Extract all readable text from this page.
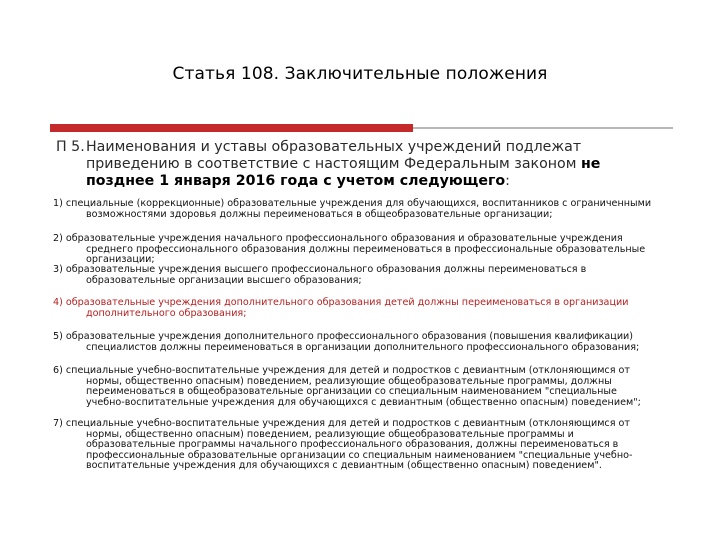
Статья 108. Заключительные положения
П 5.Наименования и уставы образовательных учреждений подлежат
приведению в соответствие с настоящим Федеральным законом не
позднее 1 января 2016 года с учетом следующего:
1) специальные (коррекционные) образовательные учреждения для обучающихся, воспитанников с ограниченными
возможностями здоровья должны переименоваться в общеобразовательные организации;
2) образовательные учреждения начального профессионального образования и образовательные учреждения
среднего профессионального образования должны переименоваться в профессиональные образовательные
организации;
3) образовательные учреждения высшего профессионального образования должны переименоваться в
образовательные организации высшего образования;
4) образовательные учреждения дополнительного образования детей должны переименоваться в организации
дополнительного образования;
5) образовательные учреждения дополнительного профессионального образования (повышения квалификации)
специалистов должны переименоваться в организации дополнительного профессионального образования;
6) специальные учебно-воспитательные учреждения для детей и подростков с девиантным (отклоняющимся от
нормы, общественно опасным) поведением, реализующие общеобразовательные программы, должны
переименоваться в общеобразовательные организации со специальным наименованием "специальные
учебно-воспитательные учреждения для обучающихся с девиантным (общественно опасным) поведением";
7) специальные учебно-воспитательные учреждения для детей и подростков с девиантным (отклоняющимся от
нормы, общественно опасным) поведением, реализующие общеобразовательные программы и
образовательные программы начального профессионального образования, должны переименоваться в
профессиональные образовательные организации со специальным наименованием "специальные учебно-
воспитательные учреждения для обучающихся с девиантным (общественно опасным) поведением".
